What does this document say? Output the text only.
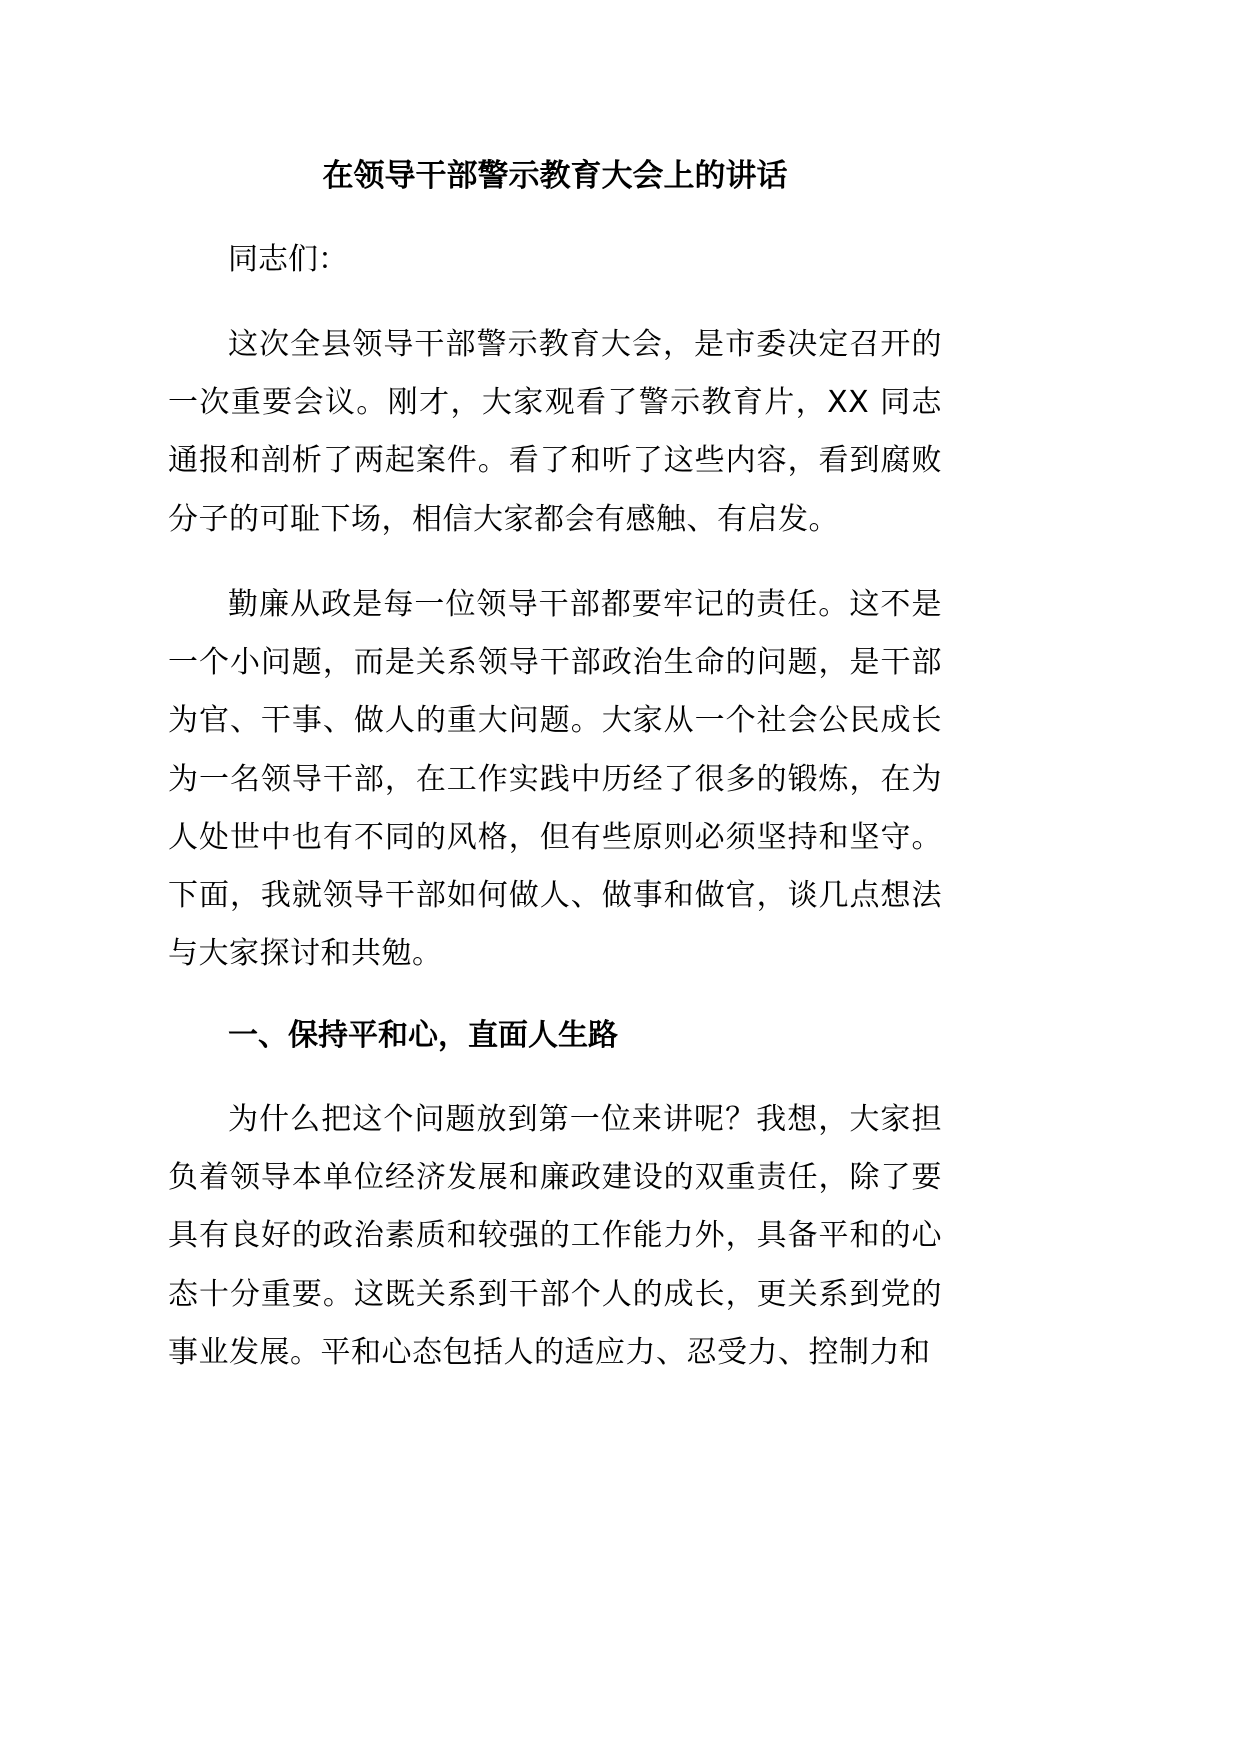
在领导干部警示教育大会上的讲话
同志们：
这次全县领导干部警示教育大会，是市委决定召开的一次重要会议。刚才，大家观看了警示教育片，XX 同志通报和剖析了两起案件。看了和听了这些内容，看到腐败分子的可耻下场，相信大家都会有感触、有启发。
勤廉从政是每一位领导干部都要牢记的责任。这不是一个小问题，而是关系领导干部政治生命的问题，是干部为官、干事、做人的重大问题。大家从一个社会公民成长为一名领导干部，在工作实践中历经了很多的锻炼，在为人处世中也有不同的风格，但有些原则必须坚持和坚守。下面，我就领导干部如何做人、做事和做官，谈几点想法与大家探讨和共勉。
一、保持平和心，直面人生路
为什么把这个问题放到第一位来讲呢？我想，大家担负着领导本单位经济发展和廉政建设的双重责任，除了要具有良好的政治素质和较强的工作能力外，具备平和的心态十分重要。这既关系到干部个人的成长，更关系到党的事业发展。平和心态包括人的适应力、忍受力、控制力和
